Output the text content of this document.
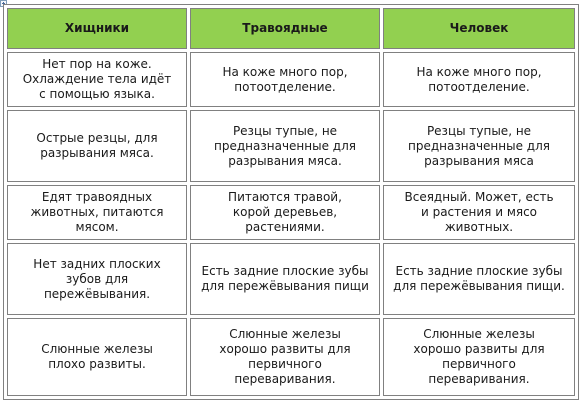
Хищники	Травоядные	Человек
Нет пор на коже. Охлаждение тела идёт с помощью языка.	На коже много пор, потоотделение.	На коже много пор, потоотделение.
Острые резцы, для разрывания мяса.	Резцы тупые, не предназначенные для разрывания мяса.	Резцы тупые, не предназначенные для разрывания мяса
Едят травоядных животных, питаются мясом.	Питаются травой, корой деревьев, растениями.	Всеядный. Может, есть и растения и мясо животных.
Нет задних плоских зубов для пережёвывания.	Есть задние плоские зубы для пережёвывания пищи	Есть задние плоские зубы для пережёвывания пищи.
Слюнные железы плохо развиты.	Слюнные железы хорошо развиты для первичного переваривания.	Слюнные железы хорошо развиты для первичного переваривания.
